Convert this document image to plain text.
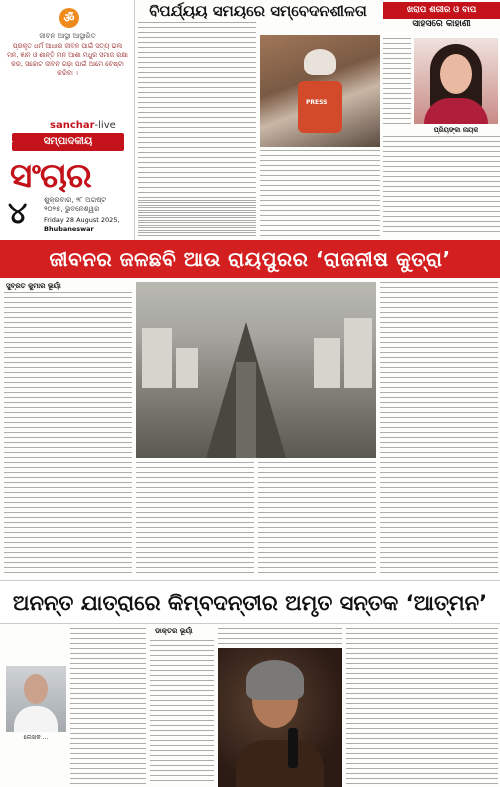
ॐ
ଜୀବନ ଆସ୍ଥା ଆସ୍ଥାରିତ
ପ୍ରକୃତ ଧର୍ମ ଆଧାର ଜୀବନ ପାଇଁ ସତ୍ୟ ଭଲ ମନ, ଜ୍ଞାନ ଓ ଶାନ୍ତି ମନ ଆଶା ମଧୁର ସମାଜ ରକ୍ଷା କର, ସଚ୍ଚୋଟ ଜୀବନ ଗଢ଼ା ପାଇଁ ଆମେ ଚେଷ୍ଟା କରିବା ।
sanchar-live
ସମ୍ପାଦକୀୟ
✒
ସଂଚାର
୪ ଶୁକ୍ରବାର, ୨୮ ଅଗଷ୍ଟ
୨୦୨୫, ଭୁବନେଶ୍ୱର
Friday 28 August 2025,
Bhubaneswar
ବିପର୍ଯ୍ୟୟ ସମୟରେ ସମ୍ବେଦନଶୀଳତା
PRESS
ଖରାପ ଶରୀର ଓ ବାପ
ସାହସରେ କାହାଣୀ
ପ୍ରିୟଙ୍କା ନାୟକ
ଜୀବନର ଜଳଛବି ଆଉ ରାୟପୁରର ‘ରାଜନୀଷ କୁତ୍ରା’
ସୁବ୍ରତ କୁମାର ଭୂୟାଁ
ଅନନ୍ତ ଯାତ୍ରାରେ କିମ୍ବଦନ୍ତୀର ଅମୃତ ସନ୍ତକ ‘ଆତ୍ମନ’
ଡାକ୍ତର ଭୂୟାଁ
ଲେଖକ ...
